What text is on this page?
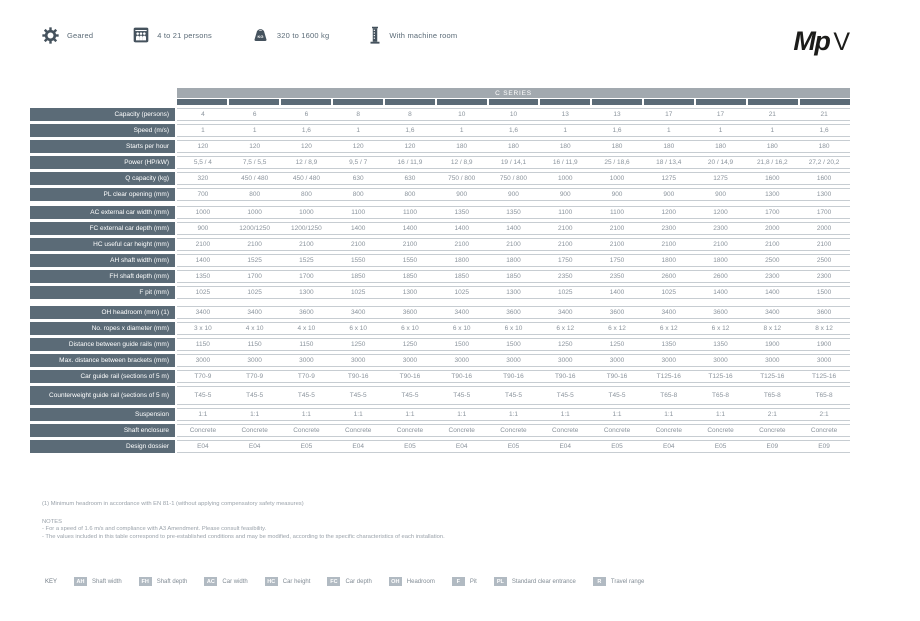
Geared	4 to 21 persons	KG 320 to 1600 kg	With machine room	Mp V
C SERIES
Capacity (persons)	4	6	6	8	8	10	10	13	13	17	17	21	21
Speed (m/s)	1	1	1,6	1	1,6	1	1,6	1	1,6	1	1	1	1,6
Starts per hour	120	120	120	120	120	180	180	180	180	180	180	180	180
Power (HP/kW)	5,5 / 4	7,5 / 5,5	12 / 8,9	9,5 / 7	16 / 11,9	12 / 8,9	19 / 14,1	16 / 11,9	25 / 18,6	18 / 13,4	20 / 14,9	21,8 / 16,2	27,2 / 20,2
Q capacity (kg)	320	450 / 480	450 / 480	630	630	750 / 800	750 / 800	1000	1000	1275	1275	1600	1600
PL clear opening (mm)	700	800	800	800	800	900	900	900	900	900	900	1300	1300
AC external car width (mm)	1000	1000	1000	1100	1100	1350	1350	1100	1100	1200	1200	1700	1700
FC external car depth (mm)	900	1200/1250	1200/1250	1400	1400	1400	1400	2100	2100	2300	2300	2000	2000
HC useful car height (mm)	2100	2100	2100	2100	2100	2100	2100	2100	2100	2100	2100	2100	2100
AH shaft width (mm)	1400	1525	1525	1550	1550	1800	1800	1750	1750	1800	1800	2500	2500
FH shaft depth (mm)	1350	1700	1700	1850	1850	1850	1850	2350	2350	2600	2600	2300	2300
F pit (mm)	1025	1025	1300	1025	1300	1025	1300	1025	1400	1025	1400	1400	1500
OH headroom (mm) (1)	3400	3400	3600	3400	3600	3400	3600	3400	3600	3400	3600	3400	3600
No. ropes x diameter (mm)	3 x 10	4 x 10	4 x 10	6 x 10	6 x 10	6 x 10	6 x 10	6 x 12	6 x 12	6 x 12	6 x 12	8 x 12	8 x 12
Distance between guide rails (mm)	1150	1150	1150	1250	1250	1500	1500	1250	1250	1350	1350	1900	1900
Max. distance between brackets (mm)	3000	3000	3000	3000	3000	3000	3000	3000	3000	3000	3000	3000	3000
Car guide rail (sections of 5 m)	T70-9	T70-9	T70-9	T90-16	T90-16	T90-16	T90-16	T90-16	T90-16	T125-16	T125-16	T125-16	T125-16
Counterweight guide rail (sections of 5 m)	T45-5	T45-5	T45-5	T45-5	T45-5	T45-5	T45-5	T45-5	T45-5	T65-8	T65-8	T65-8	T65-8
Suspension	1:1	1:1	1:1	1:1	1:1	1:1	1:1	1:1	1:1	1:1	1:1	2:1	2:1
Shaft enclosure	Concrete	Concrete	Concrete	Concrete	Concrete	Concrete	Concrete	Concrete	Concrete	Concrete	Concrete	Concrete	Concrete
Design dossier	E04	E04	E05	E04	E05	E04	E05	E04	E05	E04	E05	E09	E09
(1) Minimum headroom in accordance with EN 81-1 (without applying compensatory safety measures)
NOTES
- For a speed of 1.6 m/s and compliance with A3 Amendment. Please consult feasibility.
- The values included in this table correspond to pre-established conditions and may be modified, according to the specific characteristics of each installation.
KEY	AH	Shaft width	FH	Shaft depth	AC	Car width	HC	Car height	FC	Car depth	OH	Headroom	F	Pit	PL	Standard clear entrance	R	Travel range
